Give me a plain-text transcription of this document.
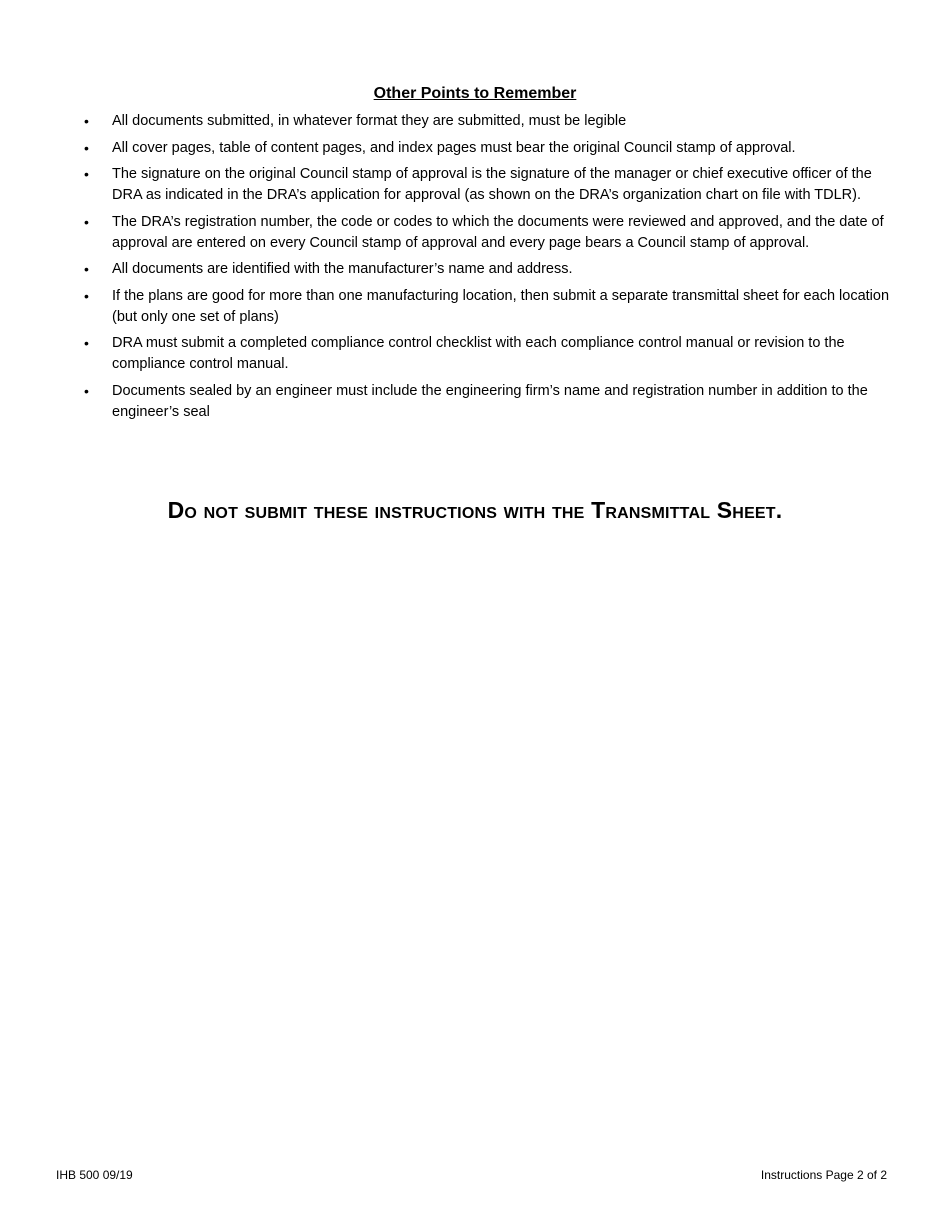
Other Points to Remember
• All documents submitted, in whatever format they are submitted, must be legible
• All cover pages, table of content pages, and index pages must bear the original Council stamp of approval.
• The signature on the original Council stamp of approval is the signature of the manager or chief executive officer of the DRA as indicated in the DRA’s application for approval (as shown on the DRA’s organization chart on file with TDLR).
• The DRA’s registration number, the code or codes to which the documents were reviewed and approved, and the date of approval are entered on every Council stamp of approval and every page bears a Council stamp of approval.
• All documents are identified with the manufacturer’s name and address.
• If the plans are good for more than one manufacturing location, then submit a separate transmittal sheet for each location (but only one set of plans)
• DRA must submit a completed compliance control checklist with each compliance control manual or revision to the compliance control manual.
• Documents sealed by an engineer must include the engineering firm’s name and registration number in addition to the engineer’s seal
Do not submit these instructions with the Transmittal Sheet.
IHB 500 09/19	Instructions Page 2 of 2
